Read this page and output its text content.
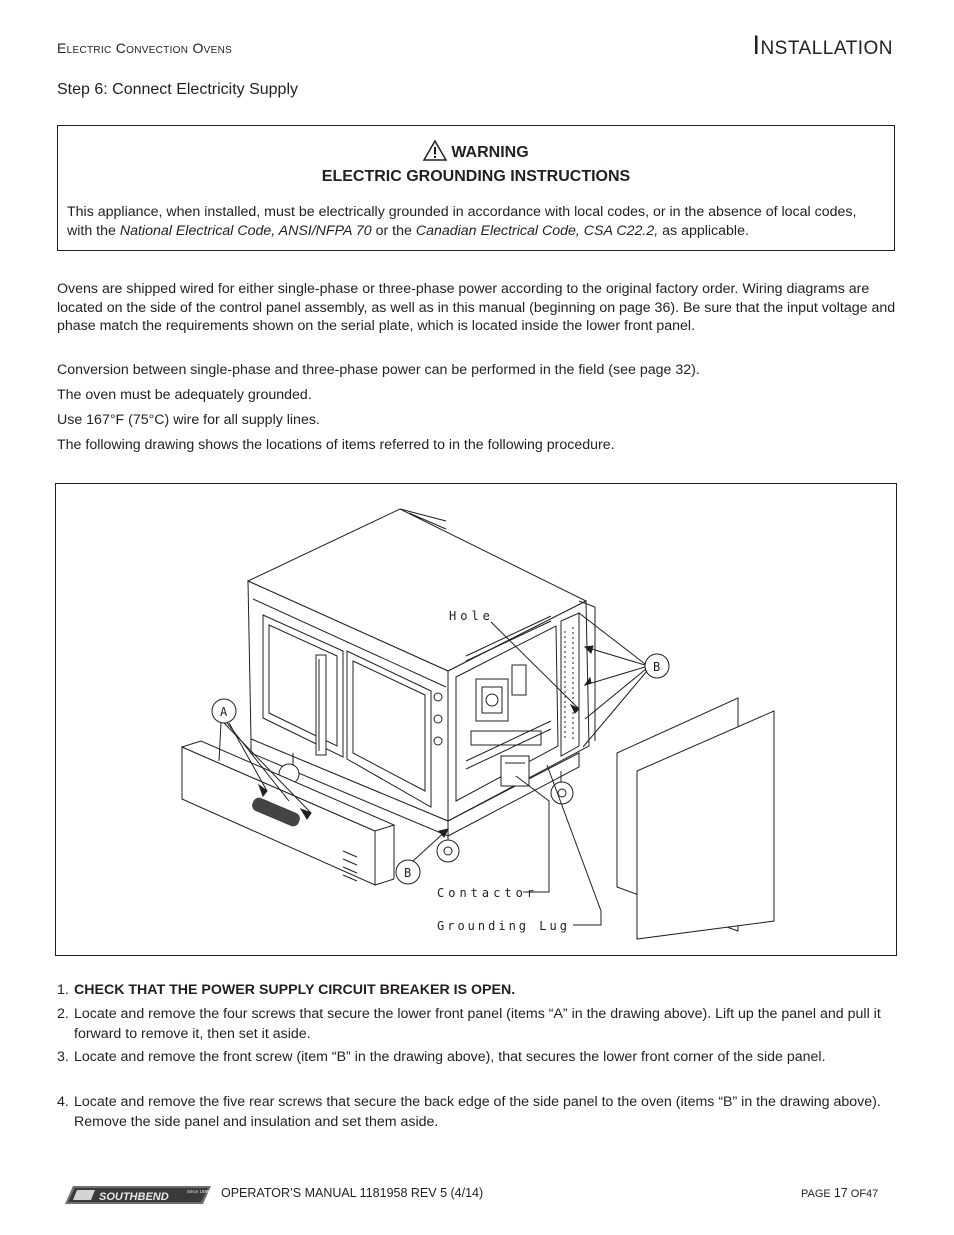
Electric Convection Ovens	Installation
Step 6: Connect Electricity Supply
WARNING
ELECTRIC GROUNDING INSTRUCTIONS
This appliance, when installed, must be electrically grounded in accordance with local codes, or in the absence of local codes, with the National Electrical Code, ANSI/NFPA 70 or the Canadian Electrical Code, CSA C22.2, as applicable.
Ovens are shipped wired for either single-phase or three-phase power according to the original factory order. Wiring diagrams are located on the side of the control panel assembly, as well as in this manual (beginning on page 36). Be sure that the input voltage and phase match the requirements shown on the serial plate, which is located inside the lower front panel.
Conversion between single-phase and three-phase power can be performed in the field (see page 32).
The oven must be adequately grounded.
Use 167°F (75°C) wire for all supply lines.
The following drawing shows the locations of items referred to in the following procedure.
Hole
Contactor
Grounding Lug
A
B
B
1. CHECK THAT THE POWER SUPPLY CIRCUIT BREAKER IS OPEN.
2. Locate and remove the four screws that secure the lower front panel (items “A” in the drawing above). Lift up the panel and pull it forward to remove it, then set it aside.
3. Locate and remove the front screw (item “B” in the drawing above), that secures the lower front corner of the side panel.
4. Locate and remove the five rear screws that secure the back edge of the side panel to the oven (items “B” in the drawing above). Remove the side panel and insulation and set them aside.
SOUTHBEND	Since 1898 OPERATOR’S MANUAL 1181958 REV 5 (4/14)	PAGE 17 OF47
